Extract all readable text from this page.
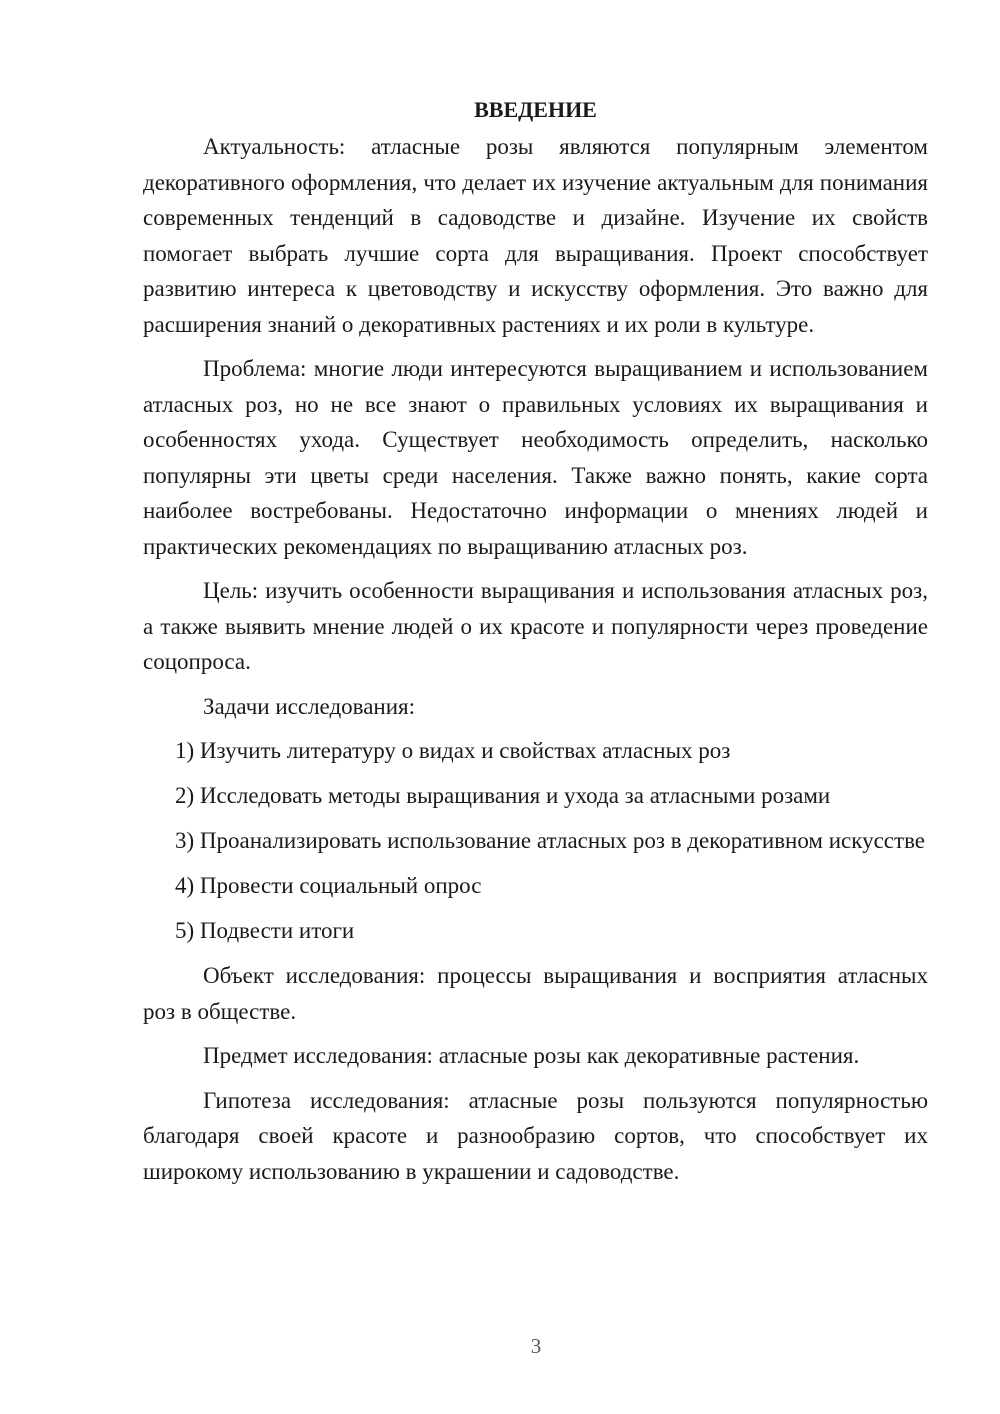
ВВЕДЕНИЕ

Актуальность: атласные розы являются популярным элементом декоративного оформления, что делает их изучение актуальным для понимания современных тенденций в садоводстве и дизайне. Изучение их свойств помогает выбрать лучшие сорта для выращивания. Проект способствует развитию интереса к цветоводству и искусству оформления. Это важно для расширения знаний о декоративных растениях и их роли в культуре.

Проблема: многие люди интересуются выращиванием и использованием атласных роз, но не все знают о правильных условиях их выращивания и особенностях ухода. Существует необходимость определить, насколько популярны эти цветы среди населения. Также важно понять, какие сорта наиболее востребованы. Недостаточно информации о мнениях людей и практических рекомендациях по выращиванию атласных роз.

Цель: изучить особенности выращивания и использования атласных роз, а также выявить мнение людей о их красоте и популярности через проведение соцопроса.

Задачи исследования:

1) Изучить литературу о видах и свойствах атласных роз

2) Исследовать методы выращивания и ухода за атласными розами

3) Проанализировать использование атласных роз в декоративном искусстве

4) Провести социальный опрос

5) Подвести итоги

Объект исследования: процессы выращивания и восприятия атласных роз в обществе.

Предмет исследования: атласные розы как декоративные растения.

Гипотеза исследования: атласные розы пользуются популярностью благодаря своей красоте и разнообразию сортов, что способствует их широкому использованию в украшении и садоводстве.

3
